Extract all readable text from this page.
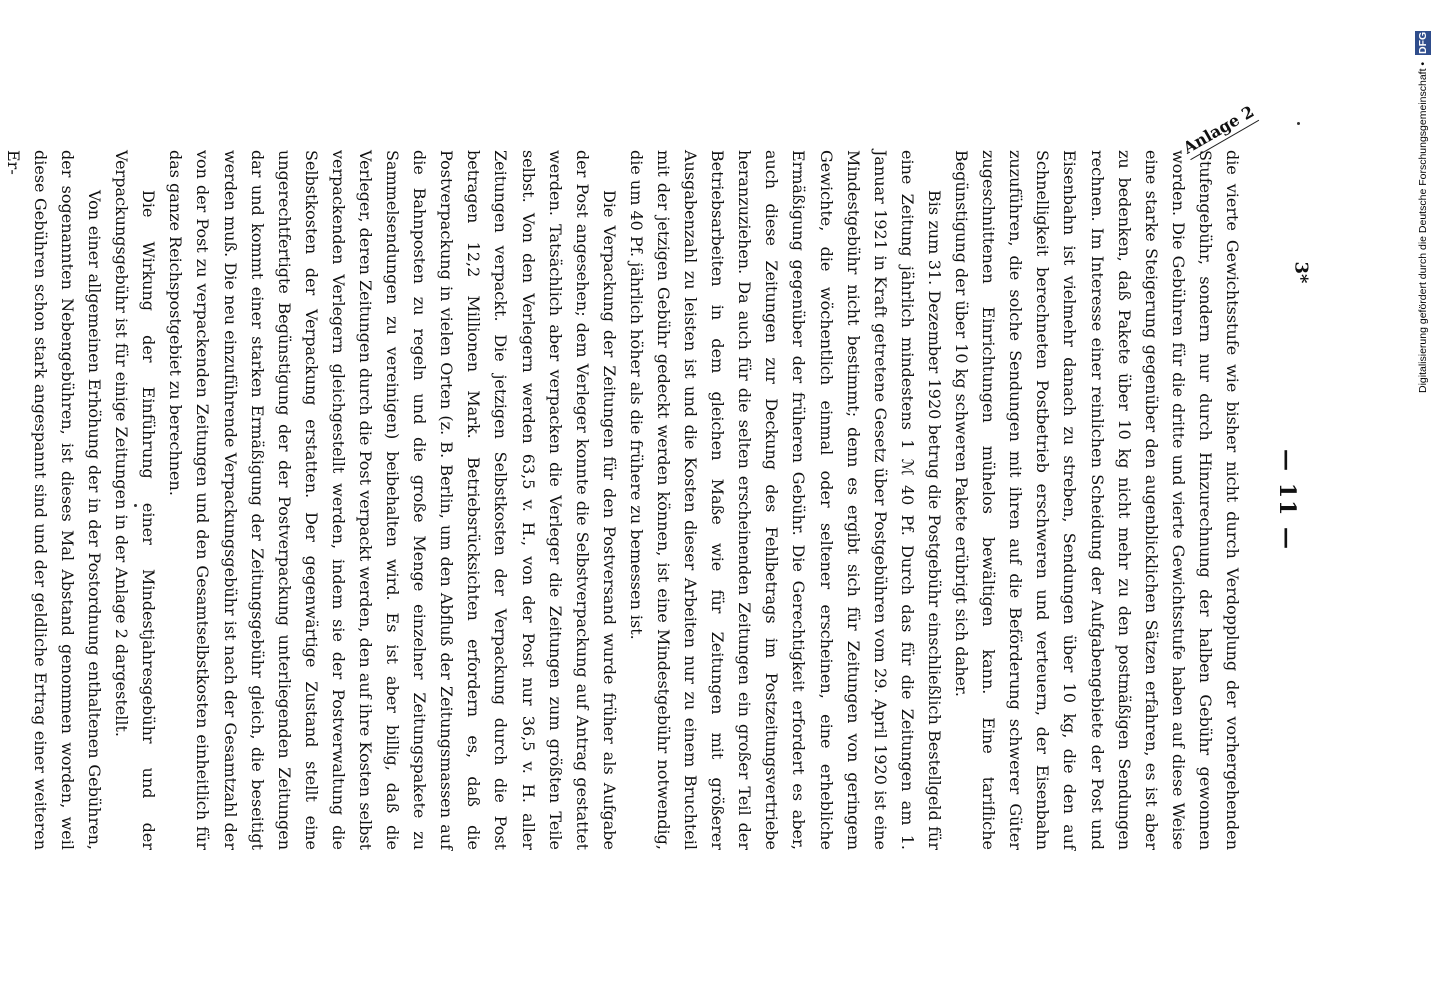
— 11 —

die vierte Gewichtsstufe wie bisher nicht durch Verdopplung der vorhergehenden Stufengebühr, sondern nur durch Hinzurechnung der halben Gebühr gewonnen worden. Die Gebühren für die dritte und vierte Gewichtsstufe haben auf diese Weise eine starke Steigerung gegenüber den augenblicklichen Sätzen erfahren, es ist aber zu bedenken, daß Pakete über 10 kg nicht mehr zu den postmäßigen Sendungen rechnen. Im Interesse einer reinlichen Scheidung der Aufgabengebiete der Post und Eisenbahn ist vielmehr danach zu streben, Sendungen über 10 kg, die den auf Schnelligkeit berechneten Postbetrieb erschweren und verteuern, der Eisenbahn zuzuführen, die solche Sendungen mit ihren auf die Beförderung schwerer Güter zugeschnittenen Einrichtungen mühelos bewältigen kann. Eine tarifliche Begünstigung der über 10 kg schweren Pakete erübrigt sich daher.

Bis zum 31. Dezember 1920 betrug die Postgebühr einschließlich Bestellgeld für eine Zeitung jährlich mindestens 1 ℳ 40 Pf. Durch das für die Zeitungen am 1. Januar 1921 in Kraft getretene Gesetz über Postgebühren vom 29. April 1920 ist eine Mindestgebühr nicht bestimmt; denn es ergibt sich für Zeitungen von geringem Gewichte, die wöchentlich einmal oder seltener erscheinen, eine erhebliche Ermäßigung gegenüber der früheren Gebühr. Die Gerechtigkeit erfordert es aber, auch diese Zeitungen zur Deckung des Fehlbetrags im Postzeitungsvertriebe heranzuziehen. Da auch für die selten erscheinenden Zeitungen ein großer Teil der Betriebsarbeiten in dem gleichen Maße wie für Zeitungen mit größerer Ausgabenzahl zu leisten ist und die Kosten dieser Arbeiten nur zu einem Bruchteil mit der jetzigen Gebühr gedeckt werden können, ist eine Mindestgebühr notwendig, die um 40 Pf. jährlich höher als die frühere zu bemessen ist.

Die Verpackung der Zeitungen für den Postversand wurde früher als Aufgabe der Post angesehen; dem Verleger konnte die Selbstverpackung auf Antrag gestattet werden. Tatsächlich aber verpacken die Verleger die Zeitungen zum größten Teile selbst. Von den Verlegern werden 63,5 v. H., von der Post nur 36,5 v. H. aller Zeitungen verpackt. Die jetzigen Selbstkosten der Verpackung durch die Post betragen 12,2 Millionen Mark. Betriebsrücksichten erfordern es, daß die Postverpackung in vielen Orten (z. B. Berlin, um den Abfluß der Zeitungsmassen auf die Bahnposten zu regeln und die große Menge einzelner Zeitungspakete zu Sammelsendungen zu vereinigen) beibehalten wird. Es ist aber billig, daß die Verleger, deren Zeitungen durch die Post verpackt werden, den auf ihre Kosten selbst verpackenden Verlegern gleichgestellt werden, indem sie der Postverwaltung die Selbstkosten der Verpackung erstatten. Der gegenwärtige Zustand stellt eine ungerechtfertigte Begünstigung der der Postverpackung unterliegenden Zeitungen dar und kommt einer starken Ermäßigung der Zeitungsgebühr gleich, die beseitigt werden muß. Die neu einzuführende Verpackungsgebühr ist nach der Gesamtzahl der von der Post zu verpackenden Zeitungen und den Gesamtselbstkosten einheitlich für das ganze Reichspostgebiet zu berechnen.

Die Wirkung der Einführung einer Mindestjahresgebühr und der Verpackungsgebühr ist für einige Zeitungen in der Anlage 2 dargestellt.

Von einer allgemeinen Erhöhung der in der Postordnung enthaltenen Gebühren, der sogenannten Nebengebühren, ist dieses Mal Abstand genommen worden, weil diese Gebühren schon stark angespannt sind und der geldliche Ertrag einer weiteren Er-

Anlage 2
3*	Digitalisierung gefördert durch die Deutsche Forschungsgemeinschaft • DFG
